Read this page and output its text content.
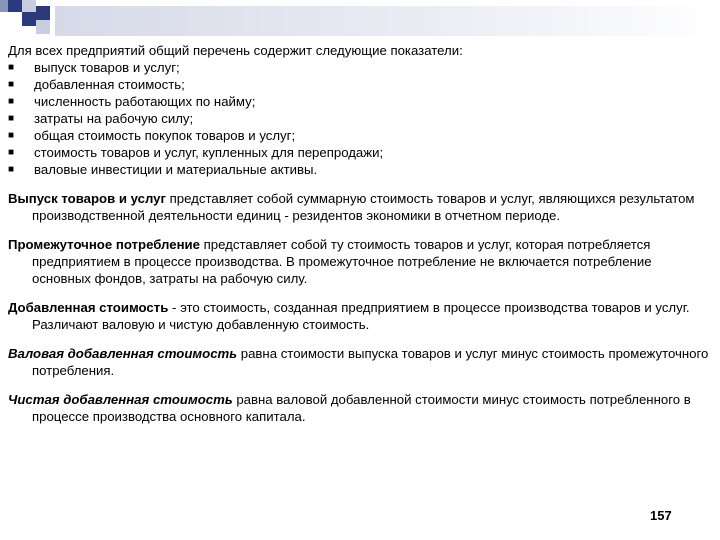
Для всех предприятий общий перечень содержит следующие показатели:

■ выпуск товаров и услуг;
■ добавленная стоимость;
■ численность работающих по найму;
■ затраты на рабочую силу;
■ общая стоимость покупок товаров и услуг;
■ стоимость товаров и услуг, купленных для перепродажи;
■ валовые инвестиции и материальные активы.

Выпуск товаров и услуг представляет собой суммарную стоимость товаров и услуг, являющихся результатом производственной деятельности единиц - резидентов экономики в отчетном периоде.

Промежуточное потребление представляет собой ту стоимость товаров и услуг, которая потребляется предприятием в процессе производства. В промежуточное потребление не включается потребление основных фондов, затраты на рабочую силу.

Добавленная стоимость - это стоимость, созданная предприятием в процессе производства товаров и услуг. Различают валовую и чистую добавленную стоимость.

Валовая добавленная стоимость равна стоимости выпуска товаров и услуг минус стоимость промежуточного потребления.

Чистая добавленная стоимость равна валовой добавленной стоимости минус стоимость потребленного в процессе производства основного капитала.

157
